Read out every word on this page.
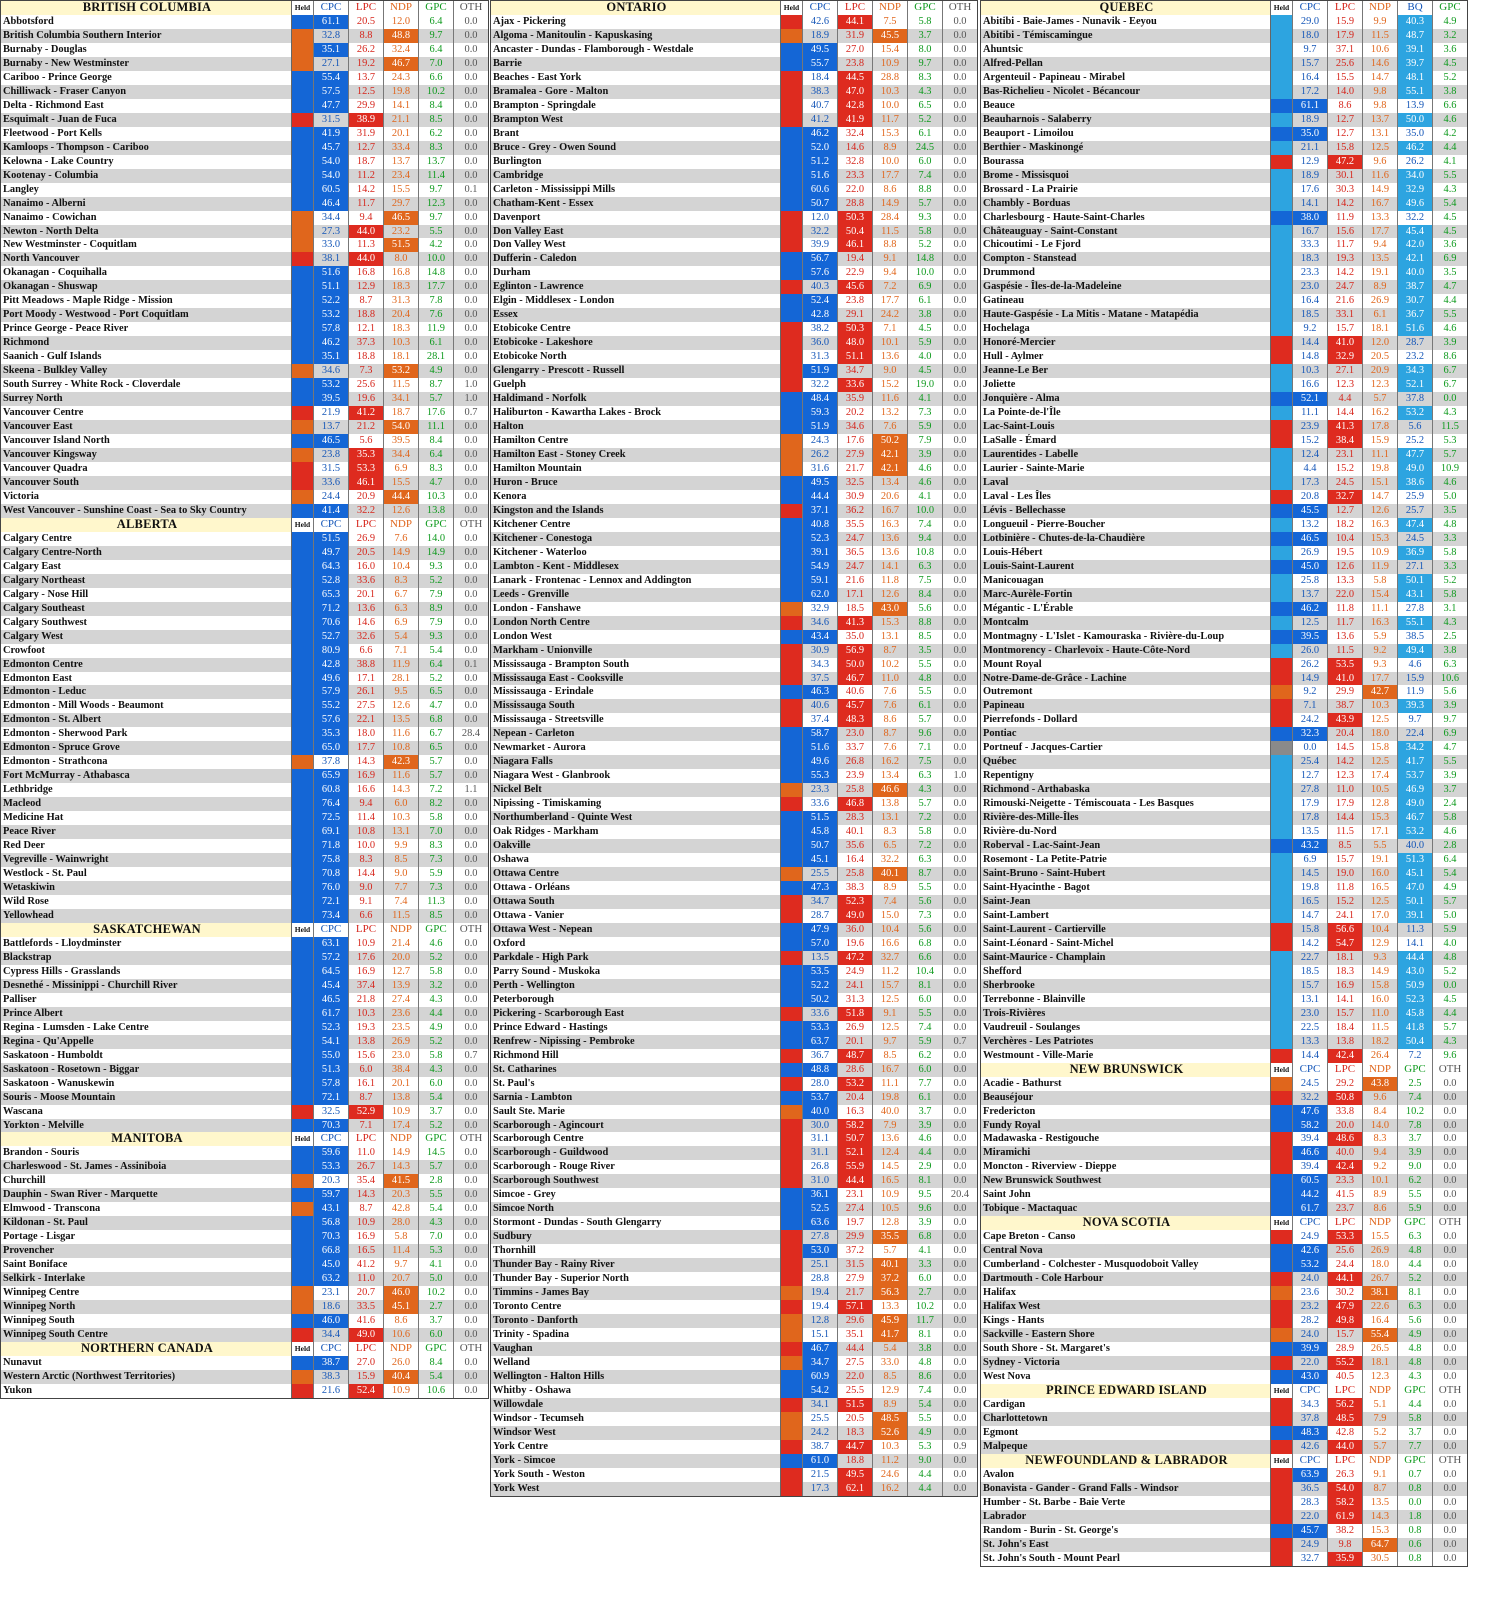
BRITISH COLUMBIA	Held CPC	LPC	NDP	GPC	OTH
Abbotsford	61.1	20.5	12.0	6.4	0.0
British Columbia Southern Interior	32.8	8.8	48.8	9.7	0.0
Burnaby - Douglas	35.1	26.2	32.4	6.4	0.0
Burnaby - New Westminster	27.1	19.2	46.7	7.0	0.0
Cariboo - Prince George	55.4	13.7	24.3	6.6	0.0
Chilliwack - Fraser Canyon	57.5	12.5	19.8	10.2	0.0
Delta - Richmond East	47.7	29.9	14.1	8.4	0.0
Esquimalt - Juan de Fuca	31.5	38.9	21.1	8.5	0.0
Fleetwood - Port Kells	41.9	31.9	20.1	6.2	0.0
Kamloops - Thompson - Cariboo	45.7	12.7	33.4	8.3	0.0
Kelowna - Lake Country	54.0	18.7	13.7	13.7	0.0
Kootenay - Columbia	54.0	11.2	23.4	11.4	0.0
Langley	60.5	14.2	15.5	9.7	0.1
Nanaimo - Alberni	46.4	11.7	29.7	12.3	0.0
Nanaimo - Cowichan	34.4	9.4	46.5	9.7	0.0
Newton - North Delta	27.3	44.0	23.2	5.5	0.0
New Westminster - Coquitlam	33.0	11.3	51.5	4.2	0.0
North Vancouver	38.1	44.0	8.0	10.0	0.0
Okanagan - Coquihalla	51.6	16.8	16.8	14.8	0.0
Okanagan - Shuswap	51.1	12.9	18.3	17.7	0.0
Pitt Meadows - Maple Ridge - Mission	52.2	8.7	31.3	7.8	0.0
Port Moody - Westwood - Port Coquitlam	53.2	18.8	20.4	7.6	0.0
Prince George - Peace River	57.8	12.1	18.3	11.9	0.0
Richmond	46.2	37.3	10.3	6.1	0.0
Saanich - Gulf Islands	35.1	18.8	18.1	28.1	0.0
Skeena - Bulkley Valley	34.6	7.3	53.2	4.9	0.0
South Surrey - White Rock - Cloverdale	53.2	25.6	11.5	8.7	1.0
Surrey North	39.5	19.6	34.1	5.7	1.0
Vancouver Centre	21.9	41.2	18.7	17.6	0.7
Vancouver East	13.7	21.2	54.0	11.1	0.0
Vancouver Island North	46.5	5.6	39.5	8.4	0.0
Vancouver Kingsway	23.8	35.3	34.4	6.4	0.0
Vancouver Quadra	31.5	53.3	6.9	8.3	0.0
Vancouver South	33.6	46.1	15.5	4.7	0.0
Victoria	24.4	20.9	44.4	10.3	0.0
West Vancouver - Sunshine Coast - Sea to Sky Country	41.4	32.2	12.6	13.8	0.0
ALBERTA	Held CPC	LPC	NDP	GPC	OTH
Calgary Centre	51.5	26.9	7.6	14.0	0.0
Calgary Centre-North	49.7	20.5	14.9	14.9	0.0
Calgary East	64.3	16.0	10.4	9.3	0.0
Calgary Northeast	52.8	33.6	8.3	5.2	0.0
Calgary - Nose Hill	65.3	20.1	6.7	7.9	0.0
Calgary Southeast	71.2	13.6	6.3	8.9	0.0
Calgary Southwest	70.6	14.6	6.9	7.9	0.0
Calgary West	52.7	32.6	5.4	9.3	0.0
Crowfoot	80.9	6.6	7.1	5.4	0.0
Edmonton Centre	42.8	38.8	11.9	6.4	0.1
Edmonton East	49.6	17.1	28.1	5.2	0.0
Edmonton - Leduc	57.9	26.1	9.5	6.5	0.0
Edmonton - Mill Woods - Beaumont	55.2	27.5	12.6	4.7	0.0
Edmonton - St. Albert	57.6	22.1	13.5	6.8	0.0
Edmonton - Sherwood Park	35.3	18.0	11.6	6.7	28.4
Edmonton - Spruce Grove	65.0	17.7	10.8	6.5	0.0
Edmonton - Strathcona	37.8	14.3	42.3	5.7	0.0
Fort McMurray - Athabasca	65.9	16.9	11.6	5.7	0.0
Lethbridge	60.8	16.6	14.3	7.2	1.1
Macleod	76.4	9.4	6.0	8.2	0.0
Medicine Hat	72.5	11.4	10.3	5.8	0.0
Peace River	69.1	10.8	13.1	7.0	0.0
Red Deer	71.8	10.0	9.9	8.3	0.0
Vegreville - Wainwright	75.8	8.3	8.5	7.3	0.0
Westlock - St. Paul	70.8	14.4	9.0	5.9	0.0
Wetaskiwin	76.0	9.0	7.7	7.3	0.0
Wild Rose	72.1	9.1	7.4	11.3	0.0
Yellowhead	73.4	6.6	11.5	8.5	0.0
SASKATCHEWAN	Held CPC	LPC	NDP	GPC	OTH
Battlefords - Lloydminster	63.1	10.9	21.4	4.6	0.0
Blackstrap	57.2	17.6	20.0	5.2	0.0
Cypress Hills - Grasslands	64.5	16.9	12.7	5.8	0.0
Desnethé - Missinippi - Churchill River	45.4	37.4	13.9	3.2	0.0
Palliser	46.5	21.8	27.4	4.3	0.0
Prince Albert	61.7	10.3	23.6	4.4	0.0
Regina - Lumsden - Lake Centre	52.3	19.3	23.5	4.9	0.0
Regina - Qu'Appelle	54.1	13.8	26.9	5.2	0.0
Saskatoon - Humboldt	55.0	15.6	23.0	5.8	0.7
Saskatoon - Rosetown - Biggar	51.3	6.0	38.4	4.3	0.0
Saskatoon - Wanuskewin	57.8	16.1	20.1	6.0	0.0
Souris - Moose Mountain	72.1	8.7	13.8	5.4	0.0
Wascana	32.5	52.9	10.9	3.7	0.0
Yorkton - Melville	70.3	7.1	17.4	5.2	0.0
MANITOBA	Held CPC	LPC	NDP	GPC	OTH
Brandon - Souris	59.6	11.0	14.9	14.5	0.0
Charleswood - St. James - Assiniboia	53.3	26.7	14.3	5.7	0.0
Churchill	20.3	35.4	41.5	2.8	0.0
Dauphin - Swan River - Marquette	59.7	14.3	20.3	5.5	0.0
Elmwood - Transcona	43.1	8.7	42.8	5.4	0.0
Kildonan - St. Paul	56.8	10.9	28.0	4.3	0.0
Portage - Lisgar	70.3	16.9	5.8	7.0	0.0
Provencher	66.8	16.5	11.4	5.3	0.0
Saint Boniface	45.0	41.2	9.7	4.1	0.0
Selkirk - Interlake	63.2	11.0	20.7	5.0	0.0
Winnipeg Centre	23.1	20.7	46.0	10.2	0.0
Winnipeg North	18.6	33.5	45.1	2.7	0.0
Winnipeg South	46.0	41.6	8.6	3.7	0.0
Winnipeg South Centre	34.4	49.0	10.6	6.0	0.0
NORTHERN CANADA	Held CPC	LPC	NDP	GPC	OTH
Nunavut	38.7	27.0	26.0	8.4	0.0
Western Arctic (Northwest Territories)	38.3	15.9	40.4	5.4	0.0
Yukon	21.6	52.4	10.9	10.6	0.0
ONTARIO	Held CPC	LPC	NDP	GPC	OTH
Ajax - Pickering	42.6	44.1	7.5	5.8	0.0
Algoma - Manitoulin - Kapuskasing	18.9	31.9	45.5	3.7	0.0
Ancaster - Dundas - Flamborough - Westdale	49.5	27.0	15.4	8.0	0.0
Barrie	55.7	23.8	10.9	9.7	0.0
Beaches - East York	18.4	44.5	28.8	8.3	0.0
Bramalea - Gore - Malton	38.3	47.0	10.3	4.3	0.0
Brampton - Springdale	40.7	42.8	10.0	6.5	0.0
Brampton West	41.2	41.9	11.7	5.2	0.0
Brant	46.2	32.4	15.3	6.1	0.0
Bruce - Grey - Owen Sound	52.0	14.6	8.9	24.5	0.0
Burlington	51.2	32.8	10.0	6.0	0.0
Cambridge	51.6	23.3	17.7	7.4	0.0
Carleton - Mississippi Mills	60.6	22.0	8.6	8.8	0.0
Chatham-Kent - Essex	50.7	28.8	14.9	5.7	0.0
Davenport	12.0	50.3	28.4	9.3	0.0
Don Valley East	32.2	50.4	11.5	5.8	0.0
Don Valley West	39.9	46.1	8.8	5.2	0.0
Dufferin - Caledon	56.7	19.4	9.1	14.8	0.0
Durham	57.6	22.9	9.4	10.0	0.0
Eglinton - Lawrence	40.3	45.6	7.2	6.9	0.0
Elgin - Middlesex - London	52.4	23.8	17.7	6.1	0.0
Essex	42.8	29.1	24.2	3.8	0.0
Etobicoke Centre	38.2	50.3	7.1	4.5	0.0
Etobicoke - Lakeshore	36.0	48.0	10.1	5.9	0.0
Etobicoke North	31.3	51.1	13.6	4.0	0.0
Glengarry - Prescott - Russell	51.9	34.7	9.0	4.5	0.0
Guelph	32.2	33.6	15.2	19.0	0.0
Haldimand - Norfolk	48.4	35.9	11.6	4.1	0.0
Haliburton - Kawartha Lakes - Brock	59.3	20.2	13.2	7.3	0.0
Halton	51.9	34.6	7.6	5.9	0.0
Hamilton Centre	24.3	17.6	50.2	7.9	0.0
Hamilton East - Stoney Creek	26.2	27.9	42.1	3.9	0.0
Hamilton Mountain	31.6	21.7	42.1	4.6	0.0
Huron - Bruce	49.5	32.5	13.4	4.6	0.0
Kenora	44.4	30.9	20.6	4.1	0.0
Kingston and the Islands	37.1	36.2	16.7	10.0	0.0
Kitchener Centre	40.8	35.5	16.3	7.4	0.0
Kitchener - Conestoga	52.3	24.7	13.6	9.4	0.0
Kitchener - Waterloo	39.1	36.5	13.6	10.8	0.0
Lambton - Kent - Middlesex	54.9	24.7	14.1	6.3	0.0
Lanark - Frontenac - Lennox and Addington	59.1	21.6	11.8	7.5	0.0
Leeds - Grenville	62.0	17.1	12.6	8.4	0.0
London - Fanshawe	32.9	18.5	43.0	5.6	0.0
London North Centre	34.6	41.3	15.3	8.8	0.0
London West	43.4	35.0	13.1	8.5	0.0
Markham - Unionville	30.9	56.9	8.7	3.5	0.0
Mississauga - Brampton South	34.3	50.0	10.2	5.5	0.0
Mississauga East - Cooksville	37.5	46.7	11.0	4.8	0.0
Mississauga - Erindale	46.3	40.6	7.6	5.5	0.0
Mississauga South	40.6	45.7	7.6	6.1	0.0
Mississauga - Streetsville	37.4	48.3	8.6	5.7	0.0
Nepean - Carleton	58.7	23.0	8.7	9.6	0.0
Newmarket - Aurora	51.6	33.7	7.6	7.1	0.0
Niagara Falls	49.6	26.8	16.2	7.5	0.0
Niagara West - Glanbrook	55.3	23.9	13.4	6.3	1.0
Nickel Belt	23.3	25.8	46.6	4.3	0.0
Nipissing - Timiskaming	33.6	46.8	13.8	5.7	0.0
Northumberland - Quinte West	51.5	28.3	13.1	7.2	0.0
Oak Ridges - Markham	45.8	40.1	8.3	5.8	0.0
Oakville	50.7	35.6	6.5	7.2	0.0
Oshawa	45.1	16.4	32.2	6.3	0.0
Ottawa Centre	25.5	25.8	40.1	8.7	0.0
Ottawa - Orléans	47.3	38.3	8.9	5.5	0.0
Ottawa South	34.7	52.3	7.4	5.6	0.0
Ottawa - Vanier	28.7	49.0	15.0	7.3	0.0
Ottawa West - Nepean	47.9	36.0	10.4	5.6	0.0
Oxford	57.0	19.6	16.6	6.8	0.0
Parkdale - High Park	13.5	47.2	32.7	6.6	0.0
Parry Sound - Muskoka	53.5	24.9	11.2	10.4	0.0
Perth - Wellington	52.2	24.1	15.7	8.1	0.0
Peterborough	50.2	31.3	12.5	6.0	0.0
Pickering - Scarborough East	33.6	51.8	9.1	5.5	0.0
Prince Edward - Hastings	53.3	26.9	12.5	7.4	0.0
Renfrew - Nipissing - Pembroke	63.7	20.1	9.7	5.9	0.7
Richmond Hill	36.7	48.7	8.5	6.2	0.0
St. Catharines	48.8	28.6	16.7	6.0	0.0
St. Paul's	28.0	53.2	11.1	7.7	0.0
Sarnia - Lambton	53.7	20.4	19.8	6.1	0.0
Sault Ste. Marie	40.0	16.3	40.0	3.7	0.0
Scarborough - Agincourt	30.0	58.2	7.9	3.9	0.0
Scarborough Centre	31.1	50.7	13.6	4.6	0.0
Scarborough - Guildwood	31.1	52.1	12.4	4.4	0.0
Scarborough - Rouge River	26.8	55.9	14.5	2.9	0.0
Scarborough Southwest	31.0	44.4	16.5	8.1	0.0
Simcoe - Grey	36.1	23.1	10.9	9.5	20.4
Simcoe North	52.5	27.4	10.5	9.6	0.0
Stormont - Dundas - South Glengarry	63.6	19.7	12.8	3.9	0.0
Sudbury	27.8	29.9	35.5	6.8	0.0
Thornhill	53.0	37.2	5.7	4.1	0.0
Thunder Bay - Rainy River	25.1	31.5	40.1	3.3	0.0
Thunder Bay - Superior North	28.8	27.9	37.2	6.0	0.0
Timmins - James Bay	19.4	21.7	56.3	2.7	0.0
Toronto Centre	19.4	57.1	13.3	10.2	0.0
Toronto - Danforth	12.8	29.6	45.9	11.7	0.0
Trinity - Spadina	15.1	35.1	41.7	8.1	0.0
Vaughan	46.7	44.4	5.4	3.8	0.0
Welland	34.7	27.5	33.0	4.8	0.0
Wellington - Halton Hills	60.9	22.0	8.5	8.6	0.0
Whitby - Oshawa	54.2	25.5	12.9	7.4	0.0
Willowdale	34.1	51.5	8.9	5.4	0.0
Windsor - Tecumseh	25.5	20.5	48.5	5.5	0.0
Windsor West	24.2	18.3	52.6	4.9	0.0
York Centre	38.7	44.7	10.3	5.3	0.9
York - Simcoe	61.0	18.8	11.2	9.0	0.0
York South - Weston	21.5	49.5	24.6	4.4	0.0
York West	17.3	62.1	16.2	4.4	0.0
QUEBEC	Held CPC	LPC	NDP	BQ	GPC
Abitibi - Baie-James - Nunavik - Eeyou	29.0	15.9	9.9	40.3	4.9
Abitibi - Témiscamingue	18.0	17.9	11.5	48.7	3.2
Ahuntsic	9.7	37.1	10.6	39.1	3.6
Alfred-Pellan	15.7	25.6	14.6	39.7	4.5
Argenteuil - Papineau - Mirabel	16.4	15.5	14.7	48.1	5.2
Bas-Richelieu - Nicolet - Bécancour	17.2	14.0	9.8	55.1	3.8
Beauce	61.1	8.6	9.8	13.9	6.6
Beauharnois - Salaberry	18.9	12.7	13.7	50.0	4.6
Beauport - Limoilou	35.0	12.7	13.1	35.0	4.2
Berthier - Maskinongé	21.1	15.8	12.5	46.2	4.4
Bourassa	12.9	47.2	9.6	26.2	4.1
Brome - Missisquoi	18.9	30.1	11.6	34.0	5.5
Brossard - La Prairie	17.6	30.3	14.9	32.9	4.3
Chambly - Borduas	14.1	14.2	16.7	49.6	5.4
Charlesbourg - Haute-Saint-Charles	38.0	11.9	13.3	32.2	4.5
Châteauguay - Saint-Constant	16.7	15.6	17.7	45.4	4.5
Chicoutimi - Le Fjord	33.3	11.7	9.4	42.0	3.6
Compton - Stanstead	18.3	19.3	13.5	42.1	6.9
Drummond	23.3	14.2	19.1	40.0	3.5
Gaspésie - Îles-de-la-Madeleine	23.0	24.7	8.9	38.7	4.7
Gatineau	16.4	21.6	26.9	30.7	4.4
Haute-Gaspésie - La Mitis - Matane - Matapédia	18.5	33.1	6.1	36.7	5.5
Hochelaga	9.2	15.7	18.1	51.6	4.6
Honoré-Mercier	14.4	41.0	12.0	28.7	3.9
Hull - Aylmer	14.8	32.9	20.5	23.2	8.6
Jeanne-Le Ber	10.3	27.1	20.9	34.3	6.7
Joliette	16.6	12.3	12.3	52.1	6.7
Jonquière - Alma	52.1	4.4	5.7	37.8	0.0
La Pointe-de-l'Île	11.1	14.4	16.2	53.2	4.3
Lac-Saint-Louis	23.9	41.3	17.8	5.6	11.5
LaSalle - Émard	15.2	38.4	15.9	25.2	5.3
Laurentides - Labelle	12.4	23.1	11.1	47.7	5.7
Laurier - Sainte-Marie	4.4	15.2	19.8	49.0	10.9
Laval	17.3	24.5	15.1	38.6	4.6
Laval - Les Îles	20.8	32.7	14.7	25.9	5.0
Lévis - Bellechasse	45.5	12.7	12.6	25.7	3.5
Longueuil - Pierre-Boucher	13.2	18.2	16.3	47.4	4.8
Lotbinière - Chutes-de-la-Chaudière	46.5	10.4	15.3	24.5	3.3
Louis-Hébert	26.9	19.5	10.9	36.9	5.8
Louis-Saint-Laurent	45.0	12.6	11.9	27.1	3.3
Manicouagan	25.8	13.3	5.8	50.1	5.2
Marc-Aurèle-Fortin	13.7	22.0	15.4	43.1	5.8
Mégantic - L'Érable	46.2	11.8	11.1	27.8	3.1
Montcalm	12.5	11.7	16.3	55.1	4.3
Montmagny - L'Islet - Kamouraska - Rivière-du-Loup	39.5	13.6	5.9	38.5	2.5
Montmorency - Charlevoix - Haute-Côte-Nord	26.0	11.5	9.2	49.4	3.8
Mount Royal	26.2	53.5	9.3	4.6	6.3
Notre-Dame-de-Grâce - Lachine	14.9	41.0	17.7	15.9	10.6
Outremont	9.2	29.9	42.7	11.9	5.6
Papineau	7.1	38.7	10.3	39.3	3.9
Pierrefonds - Dollard	24.2	43.9	12.5	9.7	9.7
Pontiac	32.3	20.4	18.0	22.4	6.9
Portneuf - Jacques-Cartier	0.0	14.5	15.8	34.2	4.7
Québec	25.4	14.2	12.5	41.7	5.5
Repentigny	12.7	12.3	17.4	53.7	3.9
Richmond - Arthabaska	27.8	11.0	10.5	46.9	3.7
Rimouski-Neigette - Témiscouata - Les Basques	17.9	17.9	12.8	49.0	2.4
Rivière-des-Mille-Îles	17.8	14.4	15.3	46.7	5.8
Rivière-du-Nord	13.5	11.5	17.1	53.2	4.6
Roberval - Lac-Saint-Jean	43.2	8.5	5.5	40.0	2.8
Rosemont - La Petite-Patrie	6.9	15.7	19.1	51.3	6.4
Saint-Bruno - Saint-Hubert	14.5	19.0	16.0	45.1	5.4
Saint-Hyacinthe - Bagot	19.8	11.8	16.5	47.0	4.9
Saint-Jean	16.5	15.2	12.5	50.1	5.7
Saint-Lambert	14.7	24.1	17.0	39.1	5.0
Saint-Laurent - Cartierville	15.8	56.6	10.4	11.3	5.9
Saint-Léonard - Saint-Michel	14.2	54.7	12.9	14.1	4.0
Saint-Maurice - Champlain	22.7	18.1	9.3	44.4	4.8
Shefford	18.5	18.3	14.9	43.0	5.2
Sherbrooke	15.7	16.9	15.8	50.9	0.0
Terrebonne - Blainville	13.1	14.1	16.0	52.3	4.5
Trois-Rivières	23.0	15.7	11.0	45.8	4.4
Vaudreuil - Soulanges	22.5	18.4	11.5	41.8	5.7
Verchères - Les Patriotes	13.3	13.8	18.2	50.4	4.3
Westmount - Ville-Marie	14.4	42.4	26.4	7.2	9.6
NEW BRUNSWICK	Held CPC	LPC	NDP	GPC	OTH
Acadie - Bathurst	24.5	29.2	43.8	2.5	0.0
Beauséjour	32.2	50.8	9.6	7.4	0.0
Fredericton	47.6	33.8	8.4	10.2	0.0
Fundy Royal	58.2	20.0	14.0	7.8	0.0
Madawaska - Restigouche	39.4	48.6	8.3	3.7	0.0
Miramichi	46.6	40.0	9.4	3.9	0.0
Moncton - Riverview - Dieppe	39.4	42.4	9.2	9.0	0.0
New Brunswick Southwest	60.5	23.3	10.1	6.2	0.0
Saint John	44.2	41.5	8.9	5.5	0.0
Tobique - Mactaquac	61.7	23.7	8.6	5.9	0.0
NOVA SCOTIA	Held CPC	LPC	NDP	GPC	OTH
Cape Breton - Canso	24.9	53.3	15.5	6.3	0.0
Central Nova	42.6	25.6	26.9	4.8	0.0
Cumberland - Colchester - Musquodoboit Valley	53.2	24.4	18.0	4.4	0.0
Dartmouth - Cole Harbour	24.0	44.1	26.7	5.2	0.0
Halifax	23.6	30.2	38.1	8.1	0.0
Halifax West	23.2	47.9	22.6	6.3	0.0
Kings - Hants	28.2	49.8	16.4	5.6	0.0
Sackville - Eastern Shore	24.0	15.7	55.4	4.9	0.0
South Shore - St. Margaret's	39.9	28.9	26.5	4.8	0.0
Sydney - Victoria	22.0	55.2	18.1	4.8	0.0
West Nova	43.0	40.5	12.3	4.3	0.0
PRINCE EDWARD ISLAND	Held CPC	LPC	NDP	GPC	OTH
Cardigan	34.3	56.2	5.1	4.4	0.0
Charlottetown	37.8	48.5	7.9	5.8	0.0
Egmont	48.3	42.8	5.2	3.7	0.0
Malpeque	42.6	44.0	5.7	7.7	0.0
NEWFOUNDLAND & LABRADOR	Held CPC	LPC	NDP	GPC	OTH
Avalon	63.9	26.3	9.1	0.7	0.0
Bonavista - Gander - Grand Falls - Windsor	36.5	54.0	8.7	0.8	0.0
Humber - St. Barbe - Baie Verte	28.3	58.2	13.5	0.0	0.0
Labrador	22.0	61.9	14.3	1.8	0.0
Random - Burin - St. George's	45.7	38.2	15.3	0.8	0.0
St. John's East	24.9	9.8	64.7	0.6	0.0
St. John's South - Mount Pearl	32.7	35.9	30.5	0.8	0.0
